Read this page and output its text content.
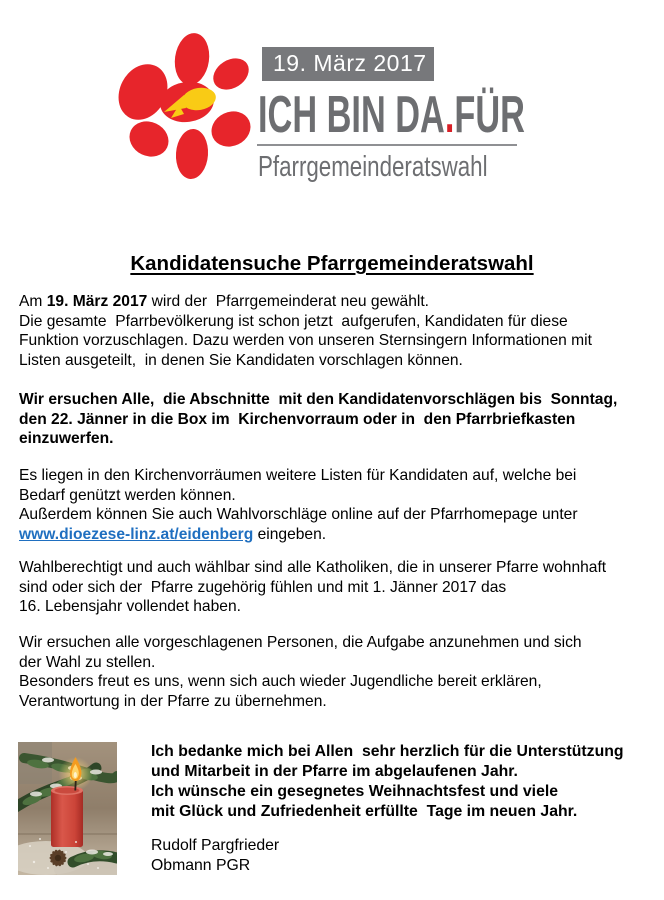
19. März 2017
ICH BIN DA.FÜR
Pfarrgemeinderatswahl
Kandidatensuche Pfarrgemeinderatswahl
Am 19. März 2017 wird der  Pfarrgemeinderat neu gewählt.
Die gesamte  Pfarrbevölkerung ist schon jetzt  aufgerufen, Kandidaten für diese
Funktion vorzuschlagen. Dazu werden von unseren Sternsingern Informationen mit
Listen ausgeteilt,  in denen Sie Kandidaten vorschlagen können.
Wir ersuchen Alle,  die Abschnitte  mit den Kandidatenvorschlägen bis  Sonntag,
den 22. Jänner in die Box im  Kirchenvorraum oder in  den Pfarrbriefkasten
einzuwerfen.
Es liegen in den Kirchenvorräumen weitere Listen für Kandidaten auf, welche bei
Bedarf genützt werden können.
Außerdem können Sie auch Wahlvorschläge online auf der Pfarrhomepage unter
www.dioezese-linz.at/eidenberg eingeben.
Wahlberechtigt und auch wählbar sind alle Katholiken, die in unserer Pfarre wohnhaft
sind oder sich der  Pfarre zugehörig fühlen und mit 1. Jänner 2017 das
16. Lebensjahr vollendet haben.
Wir ersuchen alle vorgeschlagenen Personen, die Aufgabe anzunehmen und sich
der Wahl zu stellen.
Besonders freut es uns, wenn sich auch wieder Jugendliche bereit erklären,
Verantwortung in der Pfarre zu übernehmen.
Ich bedanke mich bei Allen  sehr herzlich für die Unterstützung
und Mitarbeit in der Pfarre im abgelaufenen Jahr.
Ich wünsche ein gesegnetes Weihnachtsfest und viele
mit Glück und Zufriedenheit erfüllte  Tage im neuen Jahr.
Rudolf Pargfrieder
Obmann PGR
